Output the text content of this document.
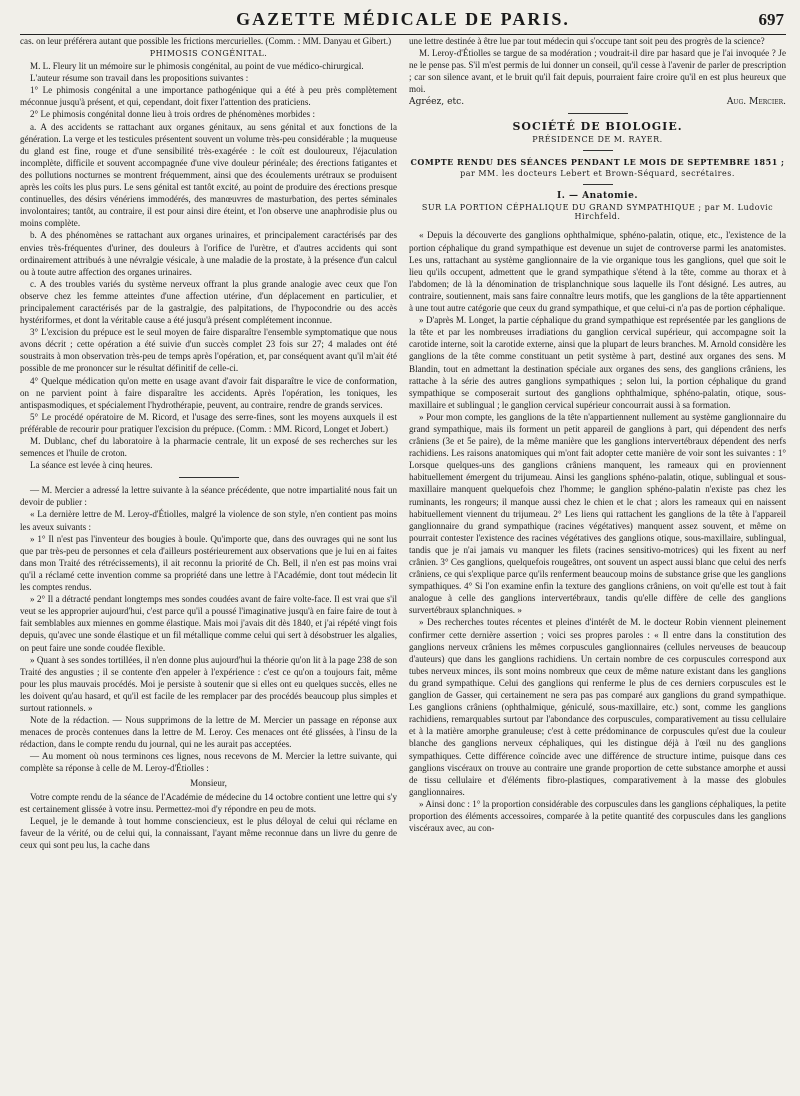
GAZETTE MÉDICALE DE PARIS.	697

cas. on leur préférera autant que possible les frictions mercurielles. (Comm. : MM. Danyau et Gibert.)

PHIMOSIS CONGÉNITAL.

M. L. Fleury lit un mémoire sur le phimosis congénital, au point de vue médico-chirurgical.

L'auteur résume son travail dans les propositions suivantes :

1° Le phimosis congénital a une importance pathogénique qui a été à peu près complètement méconnue jusqu'à présent, et qui, cependant, doit fixer l'attention des praticiens.

2° Le phimosis congénital donne lieu à trois ordres de phénomènes morbides :

a. A des accidents se rattachant aux organes génitaux, au sens génital et aux fonctions de la génération. La verge et les testicules présentent souvent un volume très-peu considérable ; la muqueuse du gland est fine, rouge et d'une sensibilité très-exagérée : le coït est douloureux, l'éjaculation incomplète, difficile et souvent accompagnée d'une vive douleur périnéale; des érections fatigantes et des pollutions nocturnes se montrent fréquemment, ainsi que des écoulements urétraux se produisent après les coïts les plus purs. Le sens génital est tantôt excité, au point de produire des érections presque continuelles, des désirs vénériens immodérés, des manœuvres de masturbation, des pertes séminales involontaires; tantôt, au contraire, il est pour ainsi dire éteint, et l'on observe une anaphrodisie plus ou moins complète.

b. A des phénomènes se rattachant aux organes urinaires, et principalement caractérisés par des envies très-fréquentes d'uriner, des douleurs à l'orifice de l'urètre, et d'autres accidents qui sont ordinairement attribués à une névralgie vésicale, à une maladie de la prostate, à la présence d'un calcul ou à toute autre affection des organes urinaires.

c. A des troubles variés du système nerveux offrant la plus grande analogie avec ceux que l'on observe chez les femme atteintes d'une affection utérine, d'un déplacement en particulier, et principalement caractérisés par de la gastralgie, des palpitations, de l'hypocondrie ou des accès hystériformes, et dont la véritable cause a été jusqu'à présent complétement inconnue.

3° L'excision du prépuce est le seul moyen de faire disparaître l'ensemble symptomatique que nous avons décrit ; cette opération a été suivie d'un succès complet 23 fois sur 27; 4 malades ont été soustraits à mon observation très-peu de temps après l'opération, et, par conséquent avant qu'il m'ait été possible de me prononcer sur le résultat définitif de celle-ci.

4° Quelque médication qu'on mette en usage avant d'avoir fait disparaître le vice de conformation, on ne parvient point à faire disparaître les accidents. Après l'opération, les toniques, les antispasmodiques, et spécialement l'hydrothérapie, peuvent, au contraire, rendre de grands services.

5° Le procédé opératoire de M. Ricord, et l'usage des serre-fines, sont les moyens auxquels il est préférable de recourir pour pratiquer l'excision du prépuce. (Comm. : MM. Ricord, Longet et Jobert.)

M. Dublanc, chef du laboratoire à la pharmacie centrale, lit un exposé de ses recherches sur les semences et l'huile de croton.

La séance est levée à cinq heures.

— M. Mercier a adressé la lettre suivante à la séance précédente, que notre impartialité nous fait un devoir de publier :

« La dernière lettre de M. Leroy-d'Étiolles, malgré la violence de son style, n'en contient pas moins les aveux suivants :

» 1° Il n'est pas l'inventeur des bougies à boule. Qu'importe que, dans des ouvrages qui ne sont lus que par très-peu de personnes et cela d'ailleurs postérieurement aux observations que je lui en ai faites dans mon Traité des rétrécissements), il ait reconnu la priorité de Ch. Bell, il n'en est pas moins vrai qu'il a réclamé cette invention comme sa propriété dans une lettre à l'Académie, dont tout médecin lit les comptes rendus.

» 2° Il a détracté pendant longtemps mes sondes coudées avant de faire volte-face. Il est vrai que s'il veut se les approprier aujourd'hui, c'est parce qu'il a poussé l'imaginative jusqu'à en faire faire de tout à fait semblables aux miennes en gomme élastique. Mais moi j'avais dit dès 1840, et j'ai répété vingt fois depuis, qu'avec une sonde élastique et un fil métallique comme celui qui sert à désobstruer les algalies, on peut faire une sonde coudée flexible.

» Quant à ses sondes tortillées, il n'en donne plus aujourd'hui la théorie qu'on lit à la page 238 de son Traité des angusties ; il se contente d'en appeler à l'expérience : c'est ce qu'on a toujours fait, même pour les plus mauvais procédés. Moi je persiste à soutenir que si elles ont eu quelques succès, elles ne les doivent qu'au hasard, et qu'il est facile de les remplacer par des procédés beaucoup plus simples et surtout rationnels. »

Note de la rédaction. — Nous supprimons de la lettre de M. Mercier un passage en réponse aux menaces de procès contenues dans la lettre de M. Leroy. Ces menaces ont été glissées, à l'insu de la rédaction, dans le compte rendu du journal, qui ne les aurait pas acceptées.

— Au moment où nous terminons ces lignes, nous recevons de M. Mercier la lettre suivante, qui complète sa réponse à celle de M. Leroy-d'Étiolles :

Monsieur,

Votre compte rendu de la séance de l'Académie de médecine du 14 octobre contient une lettre qui s'y est certainement glissée à votre insu. Permettez-moi d'y répondre en peu de mots.

Lequel, je le demande à tout homme consciencieux, est le plus déloyal de celui qui réclame en faveur de la vérité, ou de celui qui, la connaissant, l'ayant même reconnue dans un livre du genre de ceux qui sont peu lus, la cache dans

une lettre destinée à être lue par tout médecin qui s'occupe tant soit peu des progrès de la science?

M. Leroy-d'Étiolles se targue de sa modération ; voudrait-il dire par hasard que je l'ai invoquée ? Je ne le pense pas. S'il m'est permis de lui donner un conseil, qu'il cesse à l'avenir de parler de prescription ; car son silence avant, et le bruit qu'il fait depuis, pourraient faire croire qu'il en est plus heureux que moi.

Agréez, etc.	Aug. Mercier.
SOCIÉTÉ DE BIOLOGIE.
PRÉSIDENCE DE M. RAYER.
COMPTE RENDU DES SÉANCES PENDANT LE MOIS DE SEPTEMBRE 1851 ;
par MM. les docteurs Lebert et Brown-Séquard, secrétaires.
I. — Anatomie.
SUR LA PORTION CÉPHALIQUE DU GRAND SYMPATHIQUE ; par M. Ludovic Hirchfeld.

« Depuis la découverte des ganglions ophthalmique, sphéno-palatin, otique, etc., l'existence de la portion céphalique du grand sympathique est devenue un sujet de controverse parmi les anatomistes. Les uns, rattachant au système ganglionnaire de la vie organique tous les ganglions, quel que soit le lieu qu'ils occupent, admettent que le grand sympathique s'étend à la tête, comme au thorax et à l'abdomen; de là la dénomination de trisplanchnique sous laquelle ils l'ont désigné. Les autres, au contraire, soutiennent, mais sans faire connaître leurs motifs, que les ganglions de la tête appartiennent à une tout autre catégorie que ceux du grand sympathique, et que celui-ci n'a pas de portion céphalique.

» D'après M. Longet, la partie céphalique du grand sympathique est représentée par les ganglions de la tête et par les nombreuses irradiations du ganglion cervical supérieur, qui accompagne soit la carotide interne, soit la carotide externe, ainsi que la plupart de leurs branches. M. Arnold considère les ganglions de la tête comme constituant un petit système à part, destiné aux organes des sens. M Blandin, tout en admettant la destination spéciale aux organes des sens, des ganglions crâniens, les rattache à la série des autres ganglions sympathiques ; selon lui, la portion céphalique du grand sympathique se composerait surtout des ganglions ophthalmique, sphéno-palatin, otique, sous-maxillaire et sublingual ; le ganglion cervical supérieur concourrait aussi à sa formation.

» Pour mon compte, les ganglions de la tête n'appartiennent nullement au système ganglionnaire du grand sympathique, mais ils forment un petit appareil de ganglions à part, qui dépendent des nerfs crâniens (3e et 5e paire), de la même manière que les ganglions intervertébraux dépendent des nerfs rachidiens. Les raisons anatomiques qui m'ont fait adopter cette manière de voir sont les suivantes : 1° Lorsque quelques-uns des ganglions crâniens manquent, les rameaux qui en proviennent habituellement émergent du trijumeau. Ainsi les ganglions sphéno-palatin, otique, sublingual et sous-maxillaire manquent quelquefois chez l'homme; le ganglion sphéno-palatin n'existe pas chez les ruminants, les rongeurs; il manque aussi chez le chien et le chat ; alors les rameaux qui en naissent habituellement viennent du trijumeau. 2° Les liens qui rattachent les ganglions de la tête à l'appareil ganglionnaire du grand sympathique (racines végétatives) manquent assez souvent, et même on pourrait contester l'existence des racines végétatives des ganglions otique, sous-maxillaire, sublingual, tandis que je n'ai jamais vu manquer les filets (racines sensitivo-motrices) qui les fixent au nerf crânien. 3° Ces ganglions, quelquefois rougeâtres, ont souvent un aspect aussi blanc que celui des nerfs crâniens, ce qui s'explique parce qu'ils renferment beaucoup moins de substance grise que les ganglions sympathiques. 4° Si l'on examine enfin la texture des ganglions crâniens, on voit qu'elle est tout à fait analogue à celle des ganglions intervertébraux, tandis qu'elle diffère de celle des ganglions survertébraux splanchniques. »

» Des recherches toutes récentes et pleines d'intérêt de M. le docteur Robin viennent pleinement confirmer cette dernière assertion ; voici ses propres paroles : « Il entre dans la constitution des ganglions nerveux crâniens les mêmes corpuscules ganglionnaires (cellules nerveuses de beaucoup d'auteurs) que dans les ganglions rachidiens. Un certain nombre de ces corpuscules correspond aux tubes nerveux minces, ils sont moins nombreux que ceux de même nature existant dans les ganglions du grand sympathique. Celui des ganglions qui renferme le plus de ces derniers corpuscules est le ganglion de Gasser, qui certainement ne sera pas pas comparé aux ganglions du grand sympathique. Les ganglions crâniens (ophthalmique, géniculé, sous-maxillaire, etc.) sont, comme les ganglions rachidiens, remarquables surtout par l'abondance des corpuscules, comparativement au tissu cellulaire et à la matière amorphe granuleuse; c'est à cette prédominance de corpuscules qu'est due la couleur blanche des ganglions nerveux céphaliques, qui les distingue déjà à l'œil nu des ganglions sympathiques. Cette différence coïncide avec une différence de structure intime, puisque dans ces ganglions viscéraux on trouve au contraire une grande proportion de cette substance amorphe et aussi de tissu cellulaire et d'éléments fibro-plastiques, comparativement à la masse des globules ganglionnaires.

» Ainsi donc : 1° la proportion considérable des corpuscules dans les ganglions céphaliques, la petite proportion des éléments accessoires, comparée à la petite quantité des corpuscules dans les ganglions viscéraux avec, au con-
